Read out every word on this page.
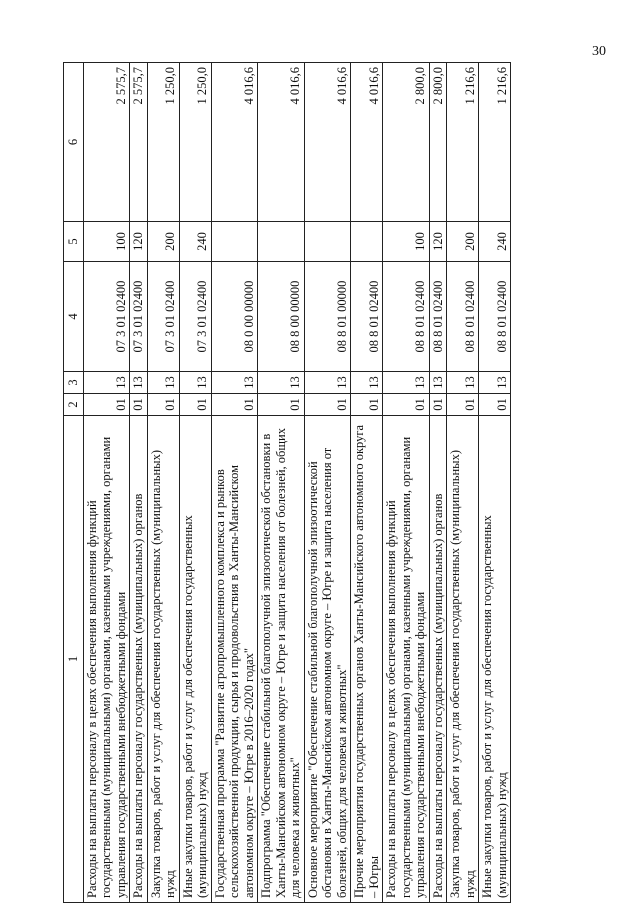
30
1	2	3	4	5	6
Расходы на выплаты персоналу в целях обеспечения выполнения функций государственными (муниципальными) органами, казенными учреждениями, органами управления государственными внебюджетными фондами	01	13	07 3 01 02400	100	2 575,7
Расходы на выплаты персоналу государственных (муниципальных) органов	01	13	07 3 01 02400	120	2 575,7
Закупка товаров, работ и услуг для обеспечения государственных (муниципальных) нужд	01	13	07 3 01 02400	200	1 250,0
Иные закупки товаров, работ и услуг для обеспечения государственных (муниципальных) нужд	01	13	07 3 01 02400	240	1 250,0
Государственная программа "Развитие агропромышленного комплекса и рынков сельскохозяйственной продукции, сырья и продовольствия в Ханты-Мансийском автономном округе – Югре в 2016–2020 годах"	01	13	08 0 00 00000		4 016,6
Подпрограмма "Обеспечение стабильной благополучной эпизоотической обстановки в Ханты-Мансийском автономном округе – Югре и защита населения от болезней, общих для человека и животных"	01	13	08 8 00 00000		4 016,6
Основное мероприятие "Обеспечение стабильной благополучной эпизоотической обстановки в Ханты-Мансийском автономном округе – Югре и защита населения от болезней, общих для человека и животных"	01	13	08 8 01 00000		4 016,6
Прочие мероприятия государственных органов Ханты-Мансийского автономного округа – Югры	01	13	08 8 01 02400		4 016,6
Расходы на выплаты персоналу в целях обеспечения выполнения функций государственными (муниципальными) органами, казенными учреждениями, органами управления государственными внебюджетными фондами	01	13	08 8 01 02400	100	2 800,0
Расходы на выплаты персоналу государственных (муниципальных) органов	01	13	08 8 01 02400	120	2 800,0
Закупка товаров, работ и услуг для обеспечения государственных (муниципальных) нужд	01	13	08 8 01 02400	200	1 216,6
Иные закупки товаров, работ и услуг для обеспечения государственных (муниципальных) нужд	01	13	08 8 01 02400	240	1 216,6
